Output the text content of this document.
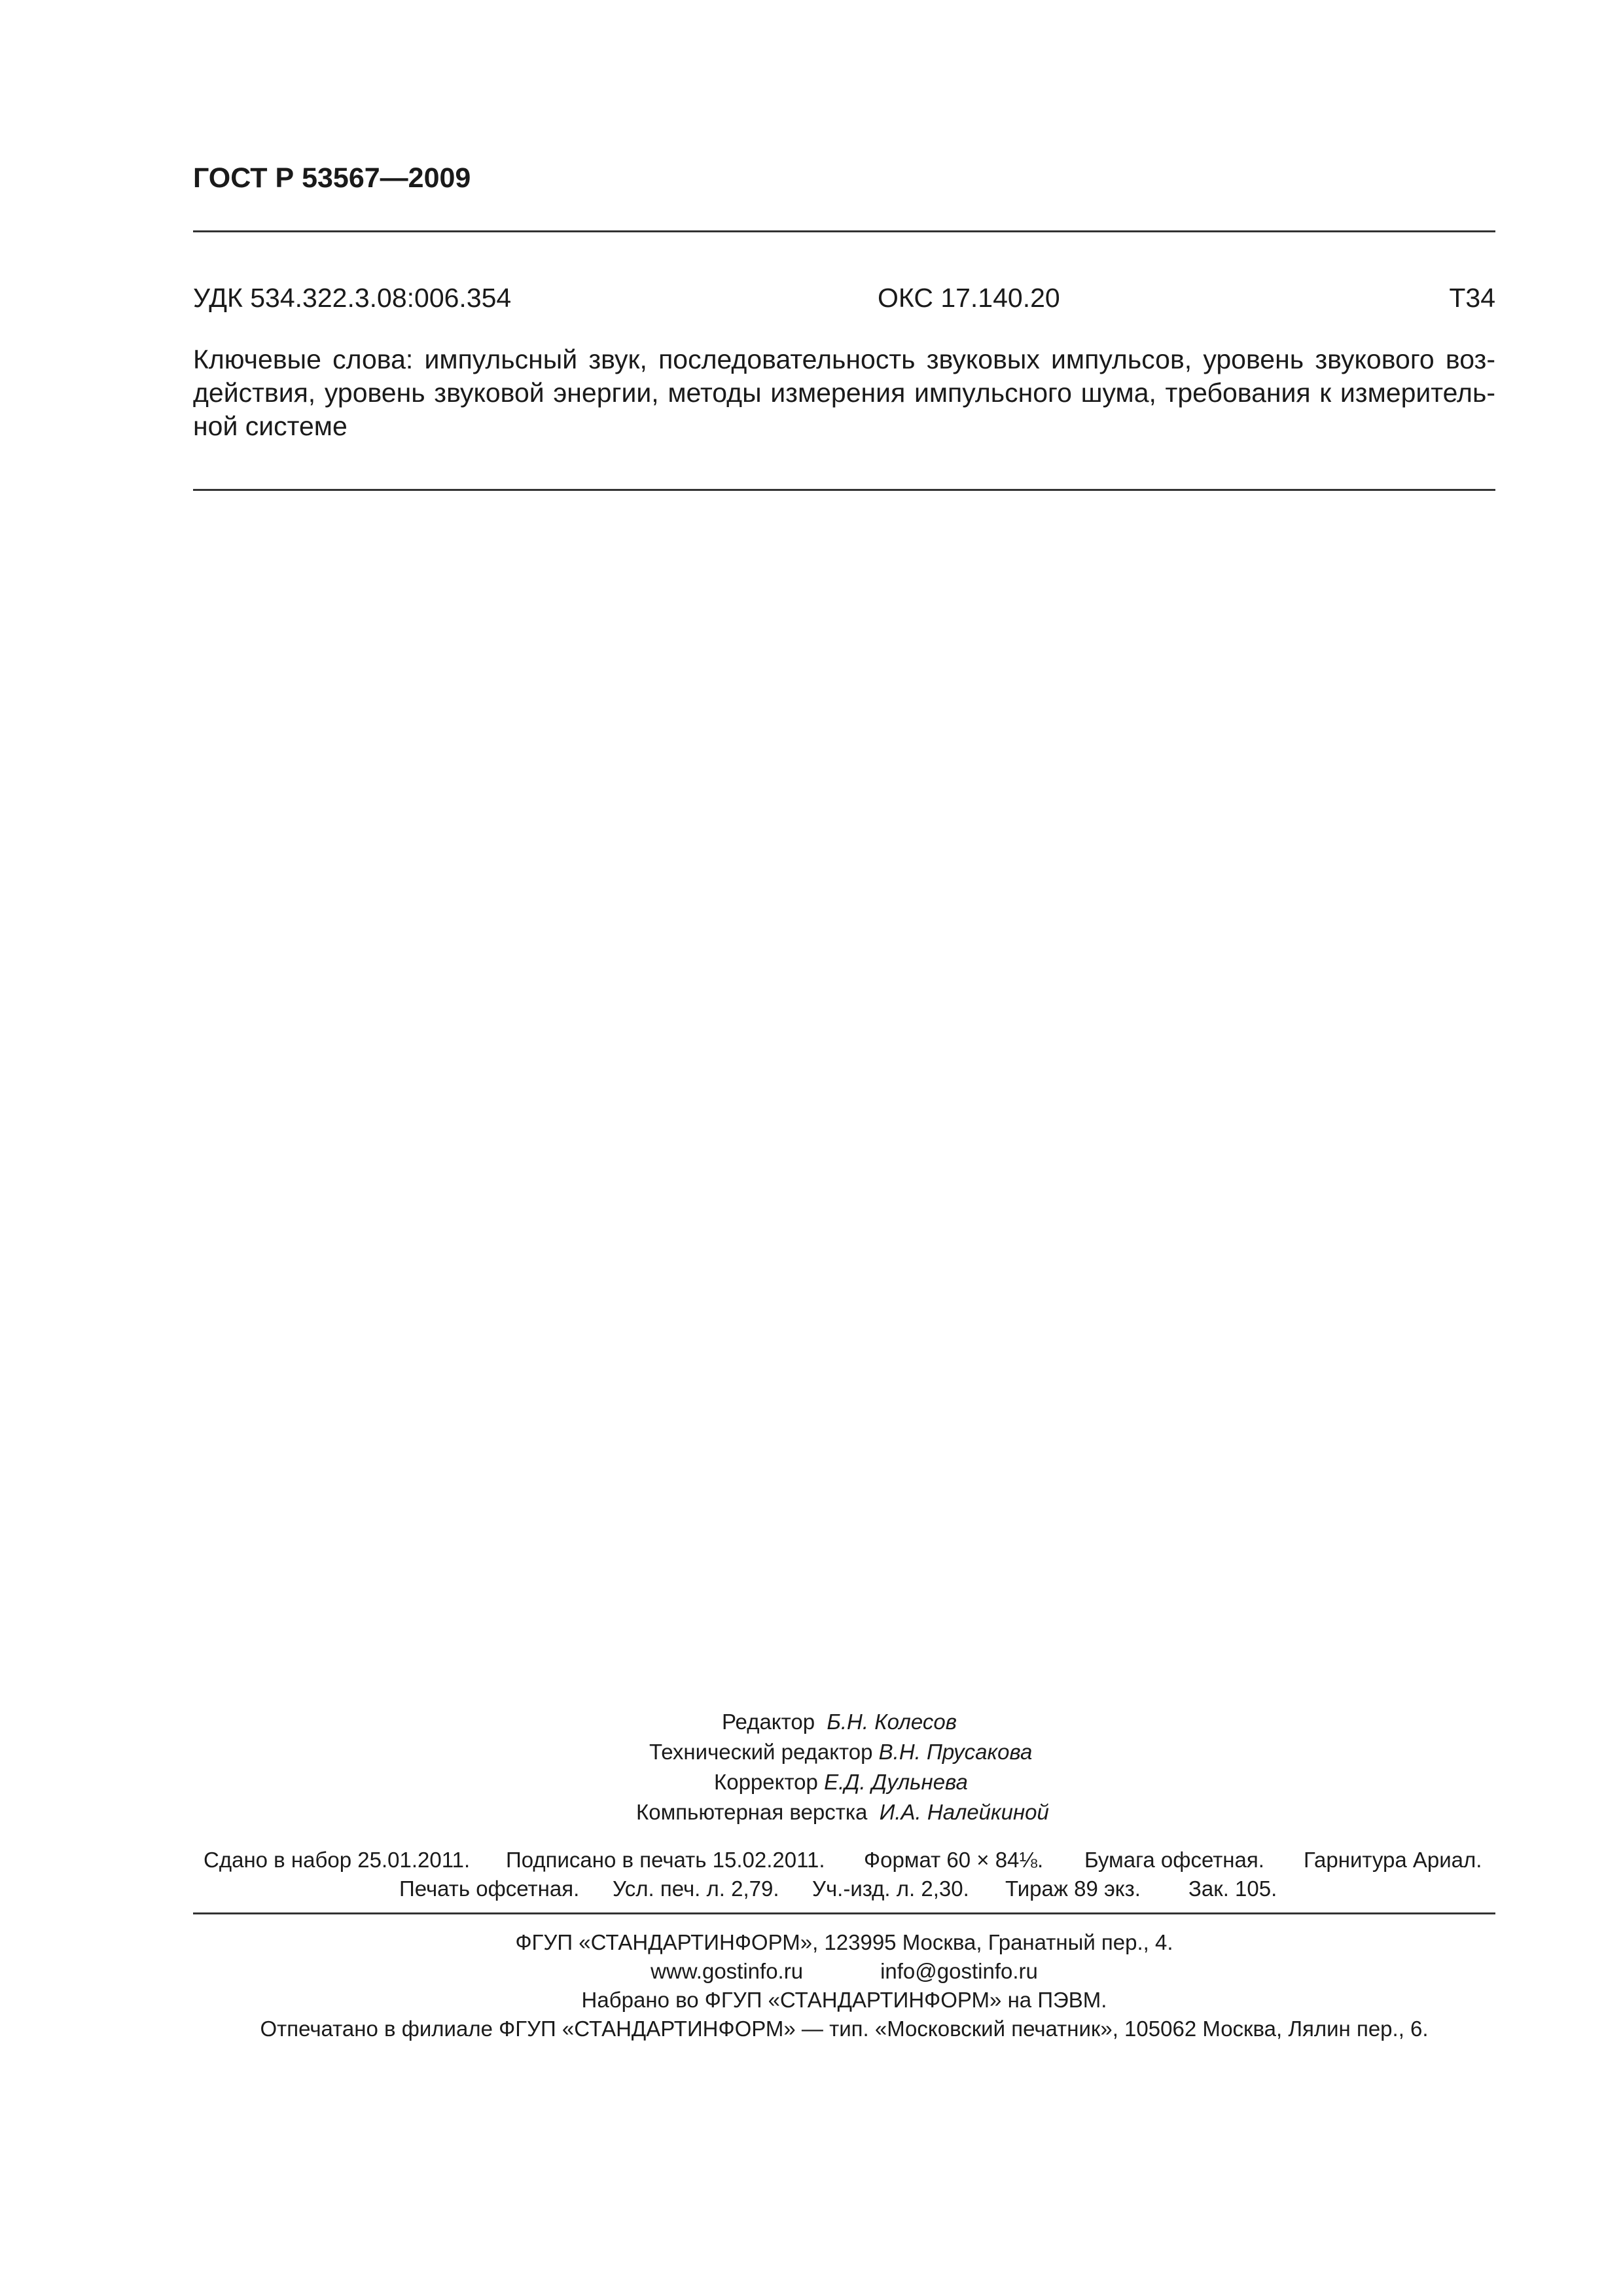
ГОСТ Р 53567—2009
УДК 534.322.3.08:006.354	ОКС 17.140.20	Т34
Ключевые слова: импульсный звук, последовательность звуковых импульсов, уровень звукового воз-
действия, уровень звуковой энергии, методы измерения импульсного шума, требования к измеритель-
ной системе
Редактор Б.Н. Колесов
Технический редактор В.Н. Прусакова
Корректор Е.Д. Дульнева
Компьютерная верстка И.А. Налейкиной
Сдано в набор 25.01.2011. Подписано в печать 15.02.2011. Формат 60 × 84⅛. Бумага офсетная. Гарнитура Ариал.
Печать офсетная. Усл. печ. л. 2,79. Уч.-изд. л. 2,30. Тираж 89 экз. Зак. 105.
ФГУП «СТАНДАРТИНФОРМ», 123995 Москва, Гранатный пер., 4.
www.gostinfo.ru	info@gostinfo.ru
Набрано во ФГУП «СТАНДАРТИНФОРМ» на ПЭВМ.
Отпечатано в филиале ФГУП «СТАНДАРТИНФОРМ» — тип. «Московский печатник», 105062 Москва, Лялин пер., 6.
